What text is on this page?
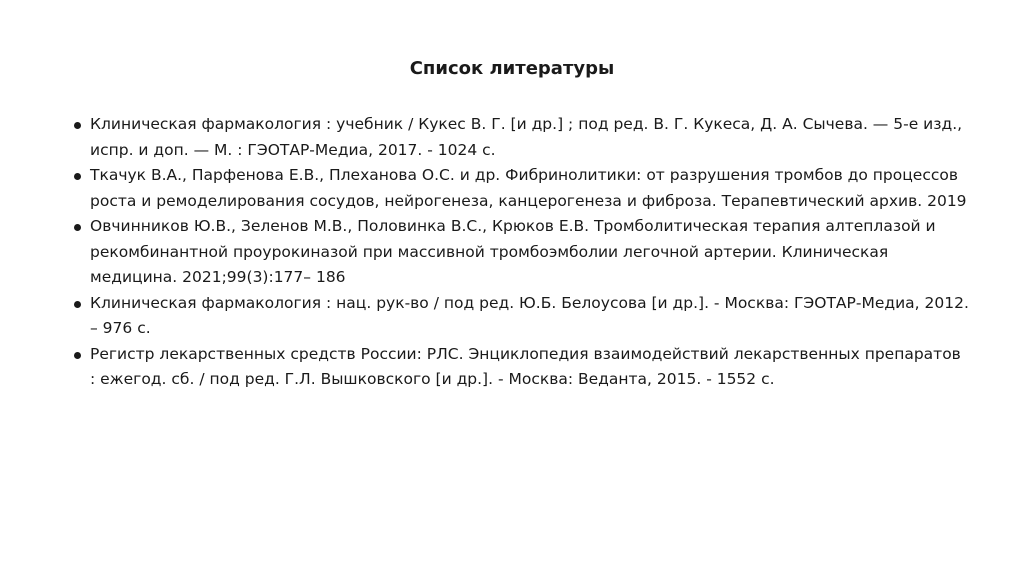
Список литературы
Клиническая фармакология : учебник / Кукес В. Г. [и др.] ; под ред. В. Г. Кукеса, Д. А. Сычева. — 5-е изд., испр. и доп. — М. : ГЭОТАР-Медиа, 2017. - 1024 с.
Ткачук В.А., Парфенова Е.В., Плеханова О.С. и др. Фибринолитики: от разрушения тромбов до процессов роста и ремоделирования сосудов, нейрогенеза, канцерогенеза и фиброза. Терапевтический архив. 2019
Овчинников Ю.В., Зеленов М.В., Половинка В.С., Крюков Е.В. Тромболитическая терапия алтеплазой и рекомбинантной проурокиназой при массивной тромбоэмболии легочной артерии. Клиническая медицина. 2021;99(3):177– 186
Клиническая фармакология : нац. рук-во / под ред. Ю.Б. Белоусова [и др.]. - Москва: ГЭОТАР-Медиа, 2012. – 976 с.
Регистр лекарственных средств России: РЛС. Энциклопедия взаимодействий лекарственных препаратов : ежегод. сб. / под ред. Г.Л. Вышковского [и др.]. - Москва: Веданта, 2015. - 1552 с.
